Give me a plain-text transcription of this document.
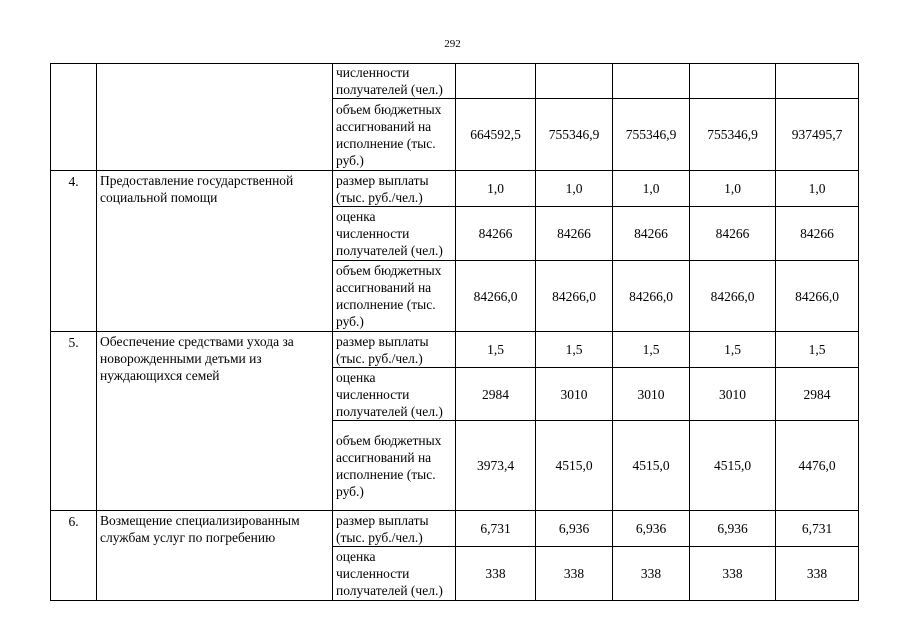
292
		численности получателей (чел.)					
		объем бюджетных ассигнований на исполнение (тыс. руб.)	664592,5	755346,9	755346,9	755346,9	937495,7
4.	Предоставление государственной социальной помощи	размер выплаты (тыс. руб./чел.)	1,0	1,0	1,0	1,0	1,0
		оценка численности получателей (чел.)	84266	84266	84266	84266	84266
		объем бюджетных ассигнований на исполнение (тыс. руб.)	84266,0	84266,0	84266,0	84266,0	84266,0
5.	Обеспечение средствами ухода за новорожденными детьми из нуждающихся семей	размер выплаты (тыс. руб./чел.)	1,5	1,5	1,5	1,5	1,5
		оценка численности получателей (чел.)	2984	3010	3010	3010	2984
		объем бюджетных ассигнований на исполнение (тыс. руб.)	3973,4	4515,0	4515,0	4515,0	4476,0
6.	Возмещение специализированным службам услуг по погребению	размер выплаты (тыс. руб./чел.)	6,731	6,936	6,936	6,936	6,731
		оценка численности получателей (чел.)	338	338	338	338	338
